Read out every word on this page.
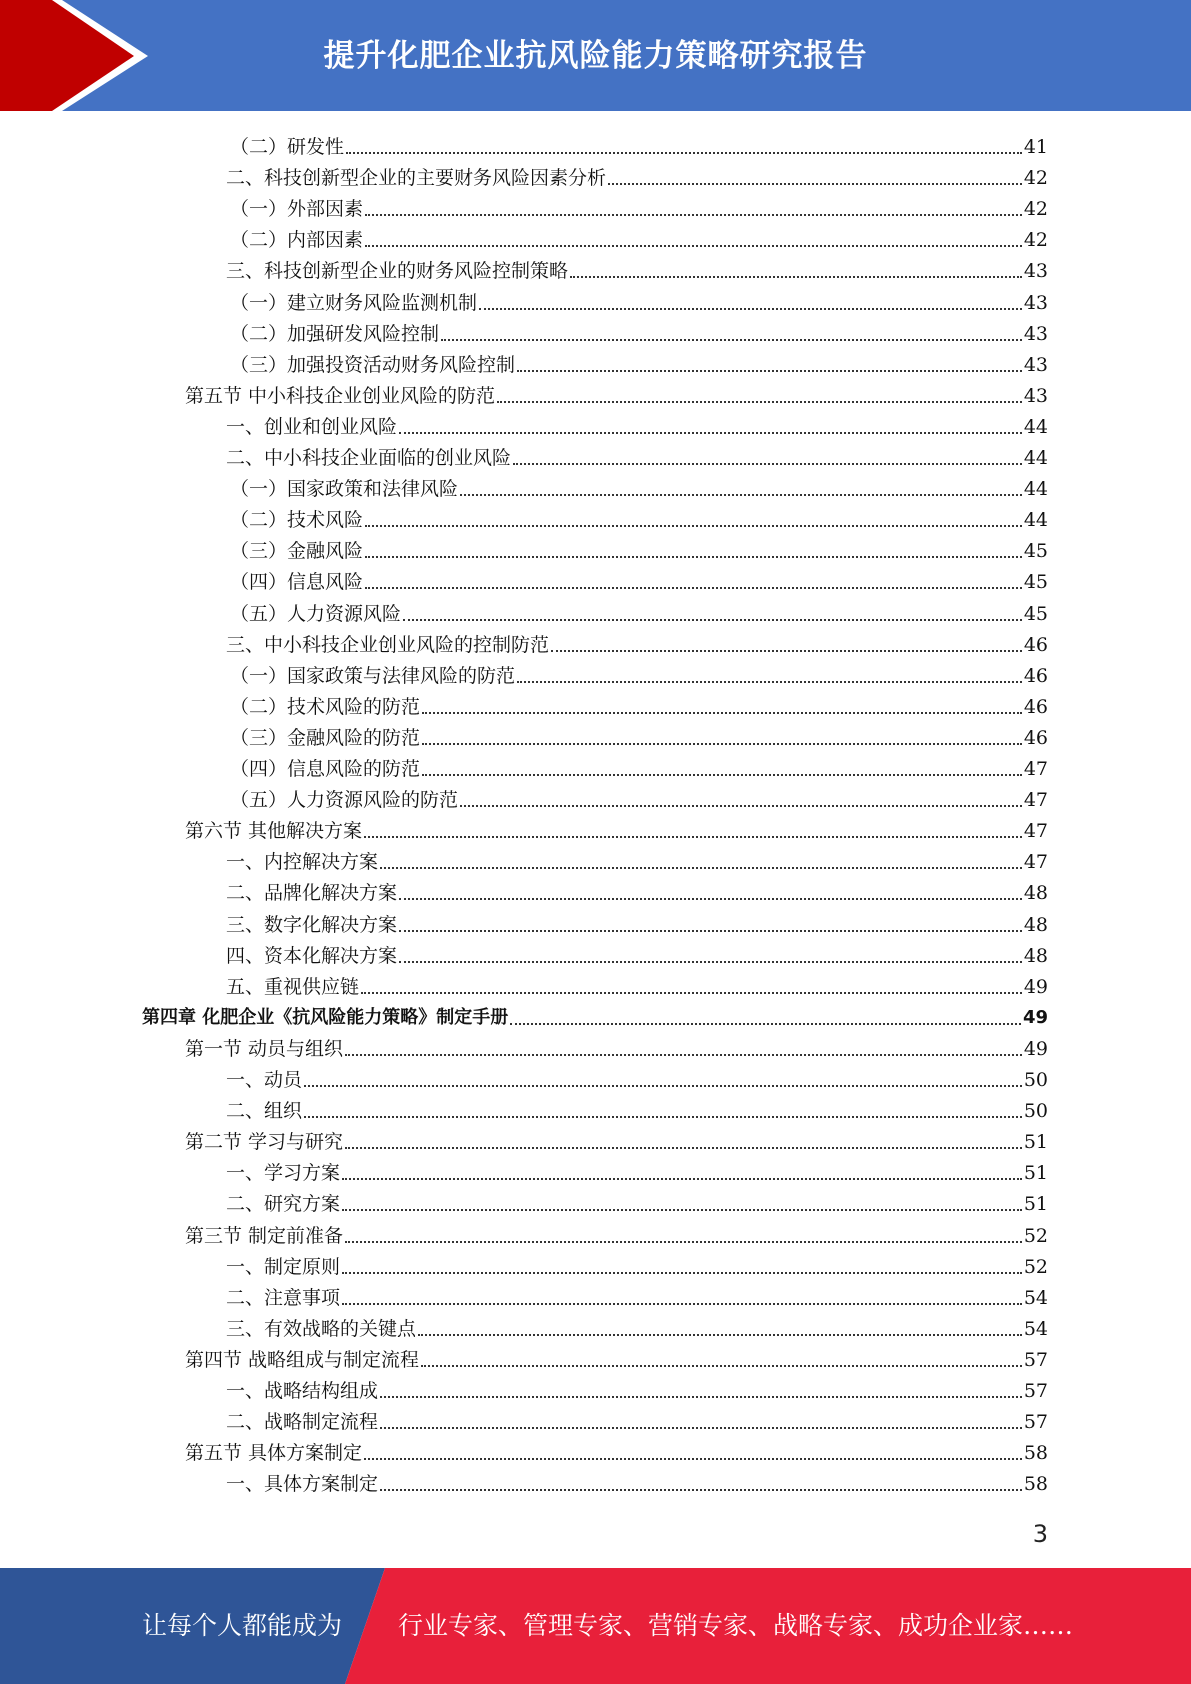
提升化肥企业抗风险能力策略研究报告
（二）研发性	41
二、科技创新型企业的主要财务风险因素分析	42
（一）外部因素	42
（二）内部因素	42
三、科技创新型企业的财务风险控制策略	43
（一）建立财务风险监测机制	43
（二）加强研发风险控制	43
（三）加强投资活动财务风险控制	43
第五节 中小科技企业创业风险的防范	43
一、创业和创业风险	44
二、中小科技企业面临的创业风险	44
（一）国家政策和法律风险	44
（二）技术风险	44
（三）金融风险	45
（四）信息风险	45
（五）人力资源风险	45
三、中小科技企业创业风险的控制防范	46
（一）国家政策与法律风险的防范	46
（二）技术风险的防范	46
（三）金融风险的防范	46
（四）信息风险的防范	47
（五）人力资源风险的防范	47
第六节 其他解决方案	47
一、内控解决方案	47
二、品牌化解决方案	48
三、数字化解决方案	48
四、资本化解决方案	48
五、重视供应链	49
第四章 化肥企业《抗风险能力策略》制定手册	49
第一节 动员与组织	49
一、动员	50
二、组织	50
第二节 学习与研究	51
一、学习方案	51
二、研究方案	51
第三节 制定前准备	52
一、制定原则	52
二、注意事项	54
三、有效战略的关键点	54
第四节 战略组成与制定流程	57
一、战略结构组成	57
二、战略制定流程	57
第五节 具体方案制定	58
一、具体方案制定	58
3
让每个人都能成为 行业专家、管理专家、营销专家、战略专家、成功企业家……
